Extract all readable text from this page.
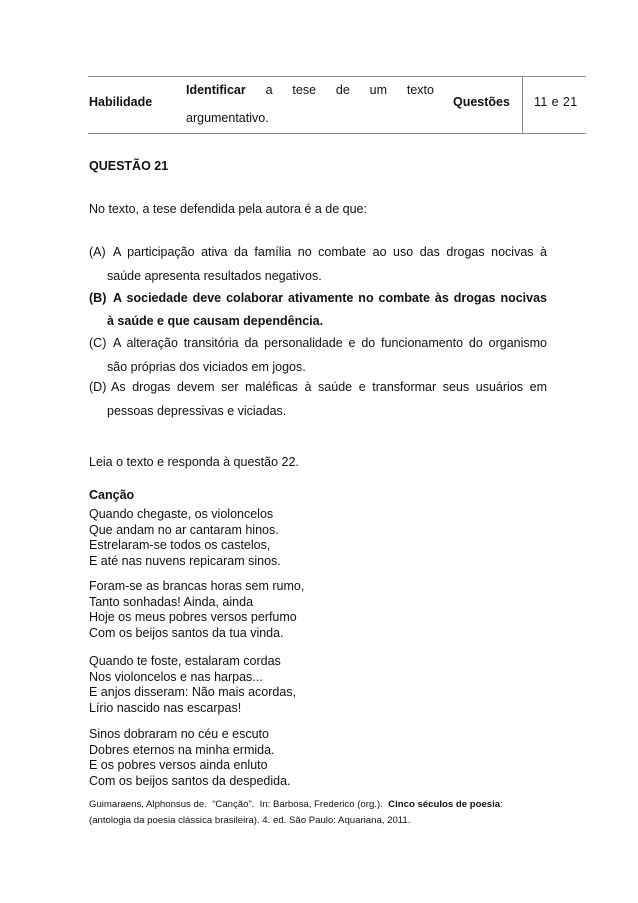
Habilidade
Identificar a tese de um texto
argumentativo.
Questões 11 e 21
QUESTÃO 21
No texto, a tese defendida pela autora é a de que:
(A) A participação ativa da família no combate ao uso das drogas nocivas à
saúde apresenta resultados negativos.
(B) A sociedade deve colaborar ativamente no combate às drogas nocivas
à saúde e que causam dependência.
(C) A alteração transitória da personalidade e do funcionamento do organismo
são próprias dos viciados em jogos.
(D) As drogas devem ser maléficas à saúde e transformar seus usuários em
pessoas depressivas e viciadas.
Leia o texto e responda à questão 22.
Canção
Quando chegaste, os violoncelos
Que andam no ar cantaram hinos.
Estrelaram-se todos os castelos,
E até nas nuvens repicaram sinos.
Foram-se as brancas horas sem rumo,
Tanto sonhadas! Ainda, ainda
Hoje os meus pobres versos perfumo
Com os beijos santos da tua vinda.
Quando te foste, estalaram cordas
Nos violoncelos e nas harpas...
E anjos disseram: Não mais acordas,
Lírio nascido nas escarpas!
Sinos dobraram no céu e escuto
Dobres eternos na minha ermida.
E os pobres versos ainda enluto
Com os beijos santos da despedida.
Guimaraens, Alphonsus de.  “Canção”.  In: Barbosa, Frederico (org.).  Cinco séculos de poesia:
(antologia da poesia clássica brasileira). 4. ed. São Paulo: Aquariana, 2011.
